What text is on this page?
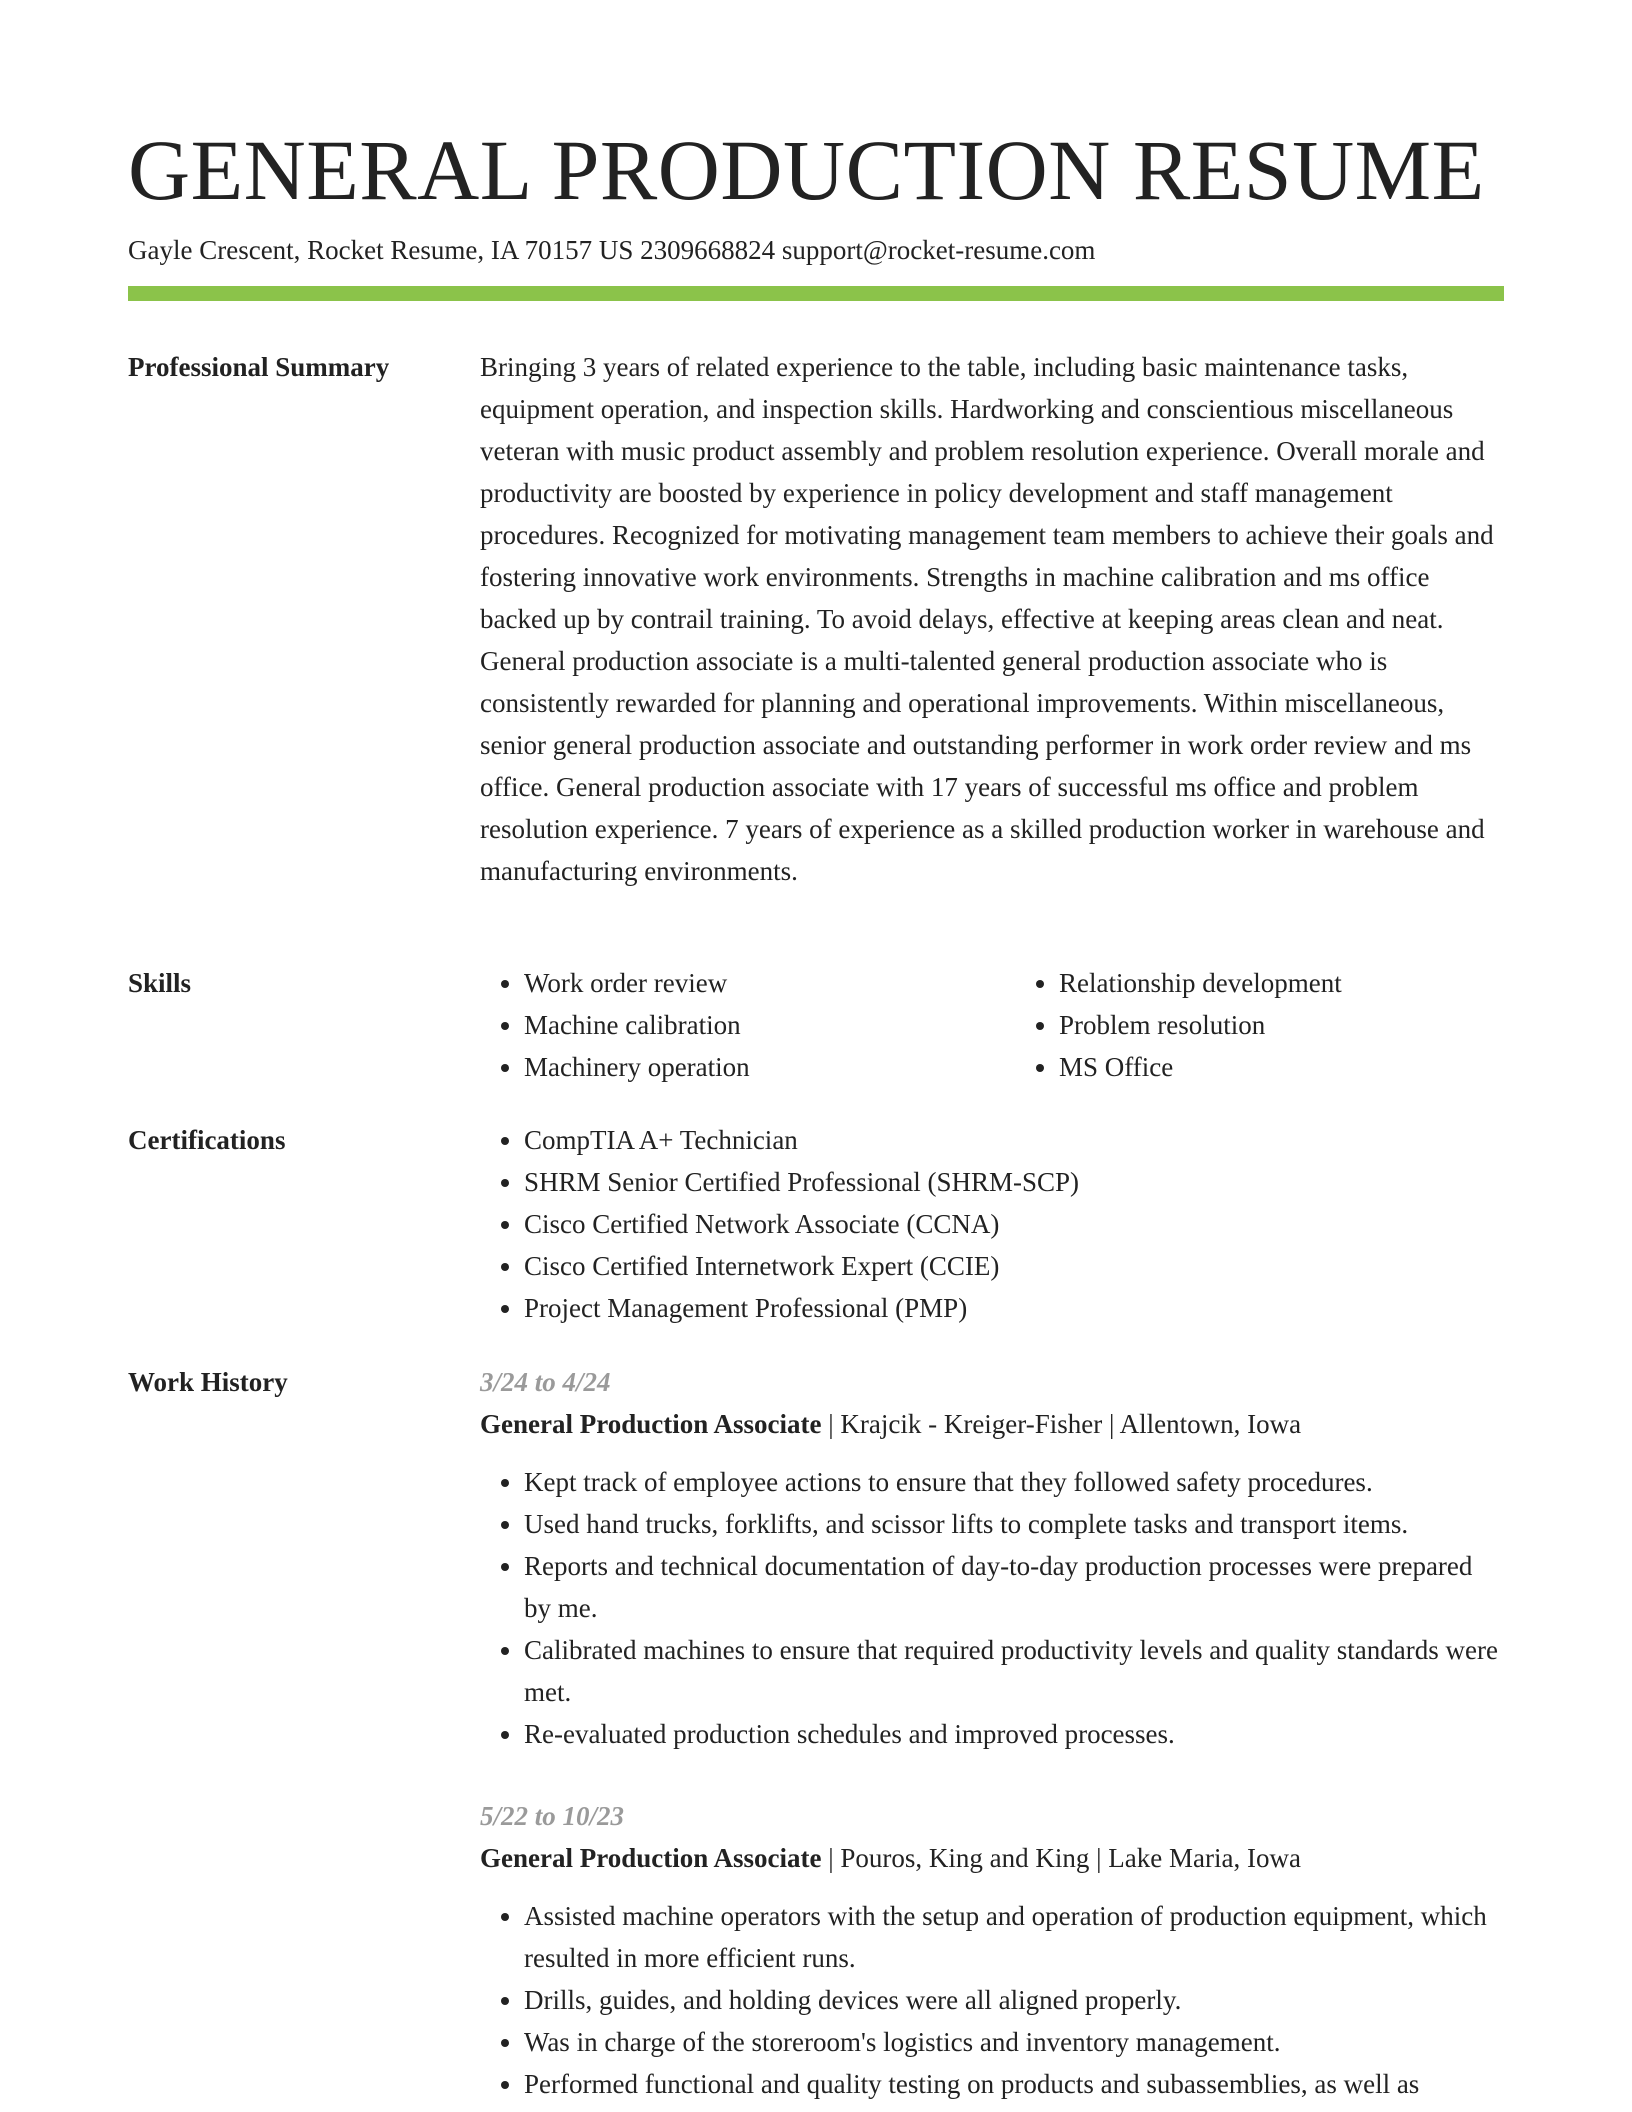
GENERAL PRODUCTION RESUME

Gayle Crescent, Rocket Resume, IA 70157 US 2309668824 support@rocket-resume.com

Professional Summary	Bringing 3 years of related experience to the table, including basic maintenance tasks, equipment operation, and inspection skills. Hardworking and conscientious miscellaneous veteran with music product assembly and problem resolution experience. Overall morale and productivity are boosted by experience in policy development and staff management procedures. Recognized for motivating management team members to achieve their goals and fostering innovative work environments. Strengths in machine calibration and ms office backed up by contrail training. To avoid delays, effective at keeping areas clean and neat. General production associate is a multi-talented general production associate who is consistently rewarded for planning and operational improvements. Within miscellaneous, senior general production associate and outstanding performer in work order review and ms office. General production associate with 17 years of successful ms office and problem resolution experience. 7 years of experience as a skilled production worker in warehouse and manufacturing environments.

Skills	• Work order review
• Machine calibration
• Machinery operation
• Relationship development
• Problem resolution
• MS Office
Certifications	• CompTIA A+ Technician
• SHRM Senior Certified Professional (SHRM-SCP)
• Cisco Certified Network Associate (CCNA)
• Cisco Certified Internetwork Expert (CCIE)
• Project Management Professional (PMP)
Work History	3/24 to 4/24
General Production Associate | Krajcik - Kreiger-Fisher | Allentown, Iowa
• Kept track of employee actions to ensure that they followed safety procedures.
• Used hand trucks, forklifts, and scissor lifts to complete tasks and transport items.
• Reports and technical documentation of day-to-day production processes were prepared by me.
• Calibrated machines to ensure that required productivity levels and quality standards were met.
• Re-evaluated production schedules and improved processes.
5/22 to 10/23
General Production Associate | Pouros, King and King | Lake Maria, Iowa
• Assisted machine operators with the setup and operation of production equipment, which resulted in more efficient runs.
• Drills, guides, and holding devices were all aligned properly.
• Was in charge of the storeroom's logistics and inventory management.
• Performed functional and quality testing on products and subassemblies, as well as
